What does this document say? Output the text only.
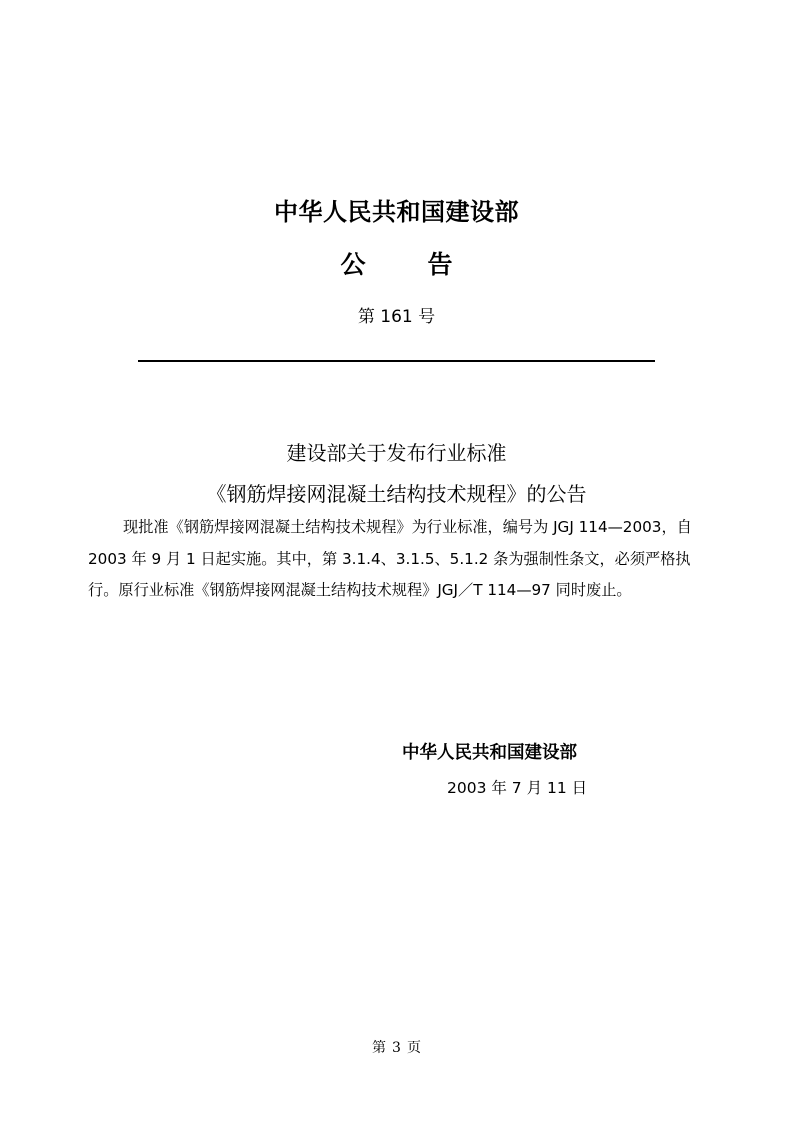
中华人民共和国建设部
公 告
第 161 号
建设部关于发布行业标准
《钢筋焊接网混凝土结构技术规程》的公告
现批准《钢筋焊接网混凝土结构技术规程》为行业标准，编号为 JGJ 114—2003，自
2003 年 9 月 1 日起实施。其中，第 3.1.4、3.1.5、5.1.2 条为强制性条文，必须严格执
行。原行业标准《钢筋焊接网混凝土结构技术规程》JGJ／T 114—97 同时废止。
中华人民共和国建设部
2003 年 7 月 11 日
第 3 页
